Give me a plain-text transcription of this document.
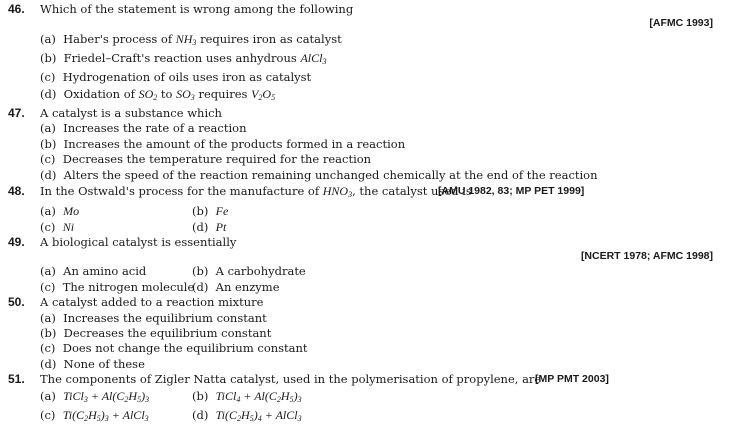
46. Which of the statement is wrong among the following
[AFMC 1993]
(a)  Haber's process of $NH_3$ requires iron as catalyst
(b)  Friedel–Craft's reaction uses anhydrous AlCl$_3$
(c) Hydrogenation of oils uses iron as catalyst
(d)  Oxidation of $SO_2$ to $SO_3$ requires $V_2O_5$
47. A catalyst is a substance which
(a) Increases the rate of a reaction
(b) Increases the amount of the products formed in a reaction
(c) Decreases the temperature required for the reaction
(d) Alters the speed of the reaction remaining unchanged chemically at the end of the reaction
48. In the Ostwald's process for the manufacture of $HNO_3$, the catalyst used is
[AMU 1982, 83; MP PET 1999]
(a) Mo	(b) Fe
(c) Ni	(d) Pt
49. A biological catalyst is essentially
[NCERT 1978; AFMC 1998]
(a) An amino acid	(b) A carbohydrate
(c) The nitrogen molecule
(d) An enzyme
50. A catalyst added to a reaction mixture
(a) Increases the equilibrium constant
(b) Decreases the equilibrium constant
(c) Does not change the equilibrium constant
(d) None of these
51. The components of Zigler Natta catalyst, used in the polymerisation of propylene, are
[MP PMT 2003]
(a) TiCl$_3$ + $Al(C_2H_5)_3$	(b) TiCl$_4$ + $Al(C_2H_5)_3$
(c) $Ti(C_2H_5)_3$ + AlCl$_3$	(d) $Ti(C_2H_5)_4$ + AlCl$_3$
